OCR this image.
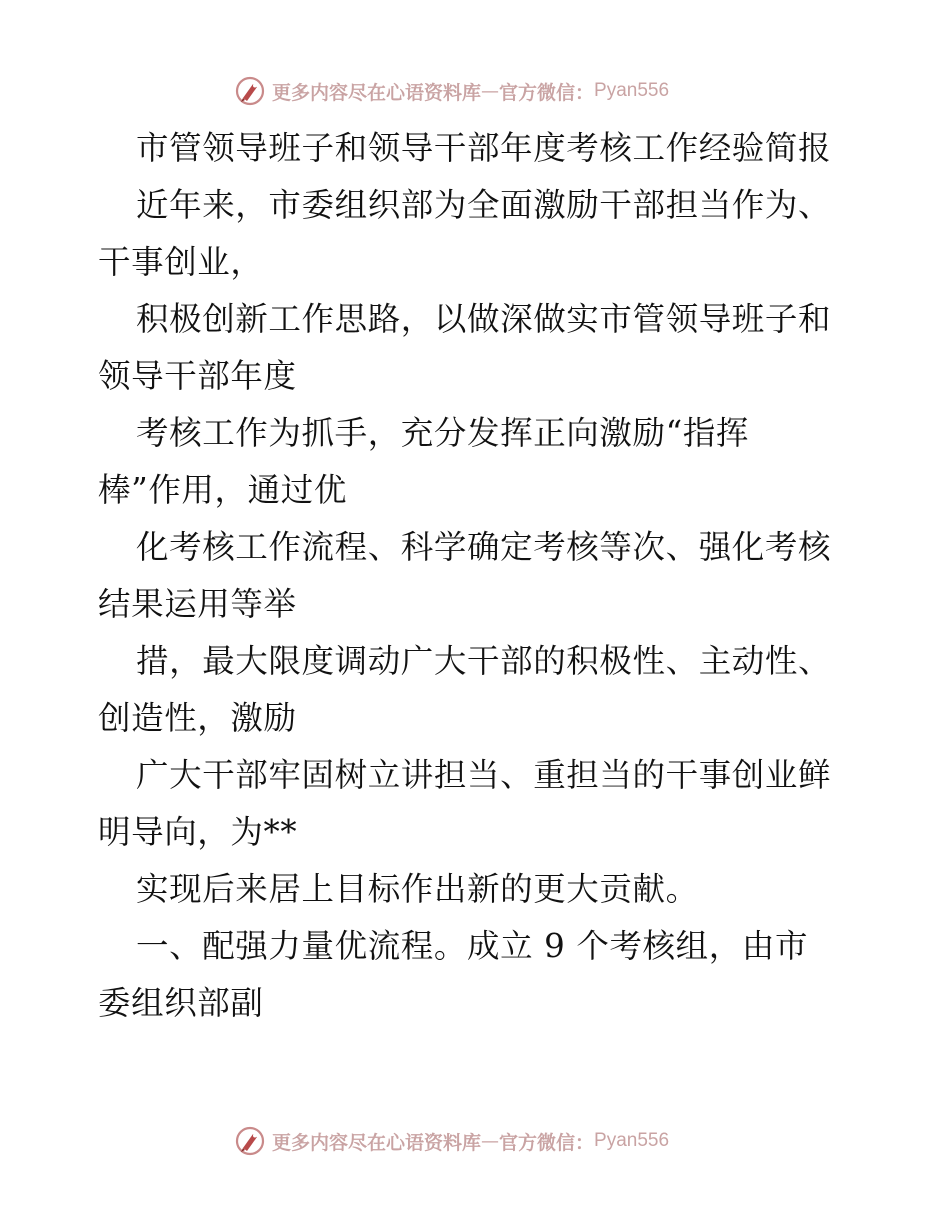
更多内容尽在心语资料库 — 官方微信： Pyan556
市管领导班子和领导干部年度考核工作经验简报
近年来，市委组织部为全面激励干部担当作为、
干事创业，
积极创新工作思路，以做深做实市管领导班子和
领导干部年度
考核工作为抓手，充分发挥正向激励“指挥
棒”作用，通过优
化考核工作流程、科学确定考核等次、强化考核
结果运用等举
措，最大限度调动广大干部的积极性、主动性、
创造性，激励
广大干部牢固树立讲担当、重担当的干事创业鲜
明导向，为**
实现后来居上目标作出新的更大贡献。
一、配强力量优流程。成立 9 个考核组，由市
委组织部副
更多内容尽在心语资料库 — 官方微信： Pyan556
